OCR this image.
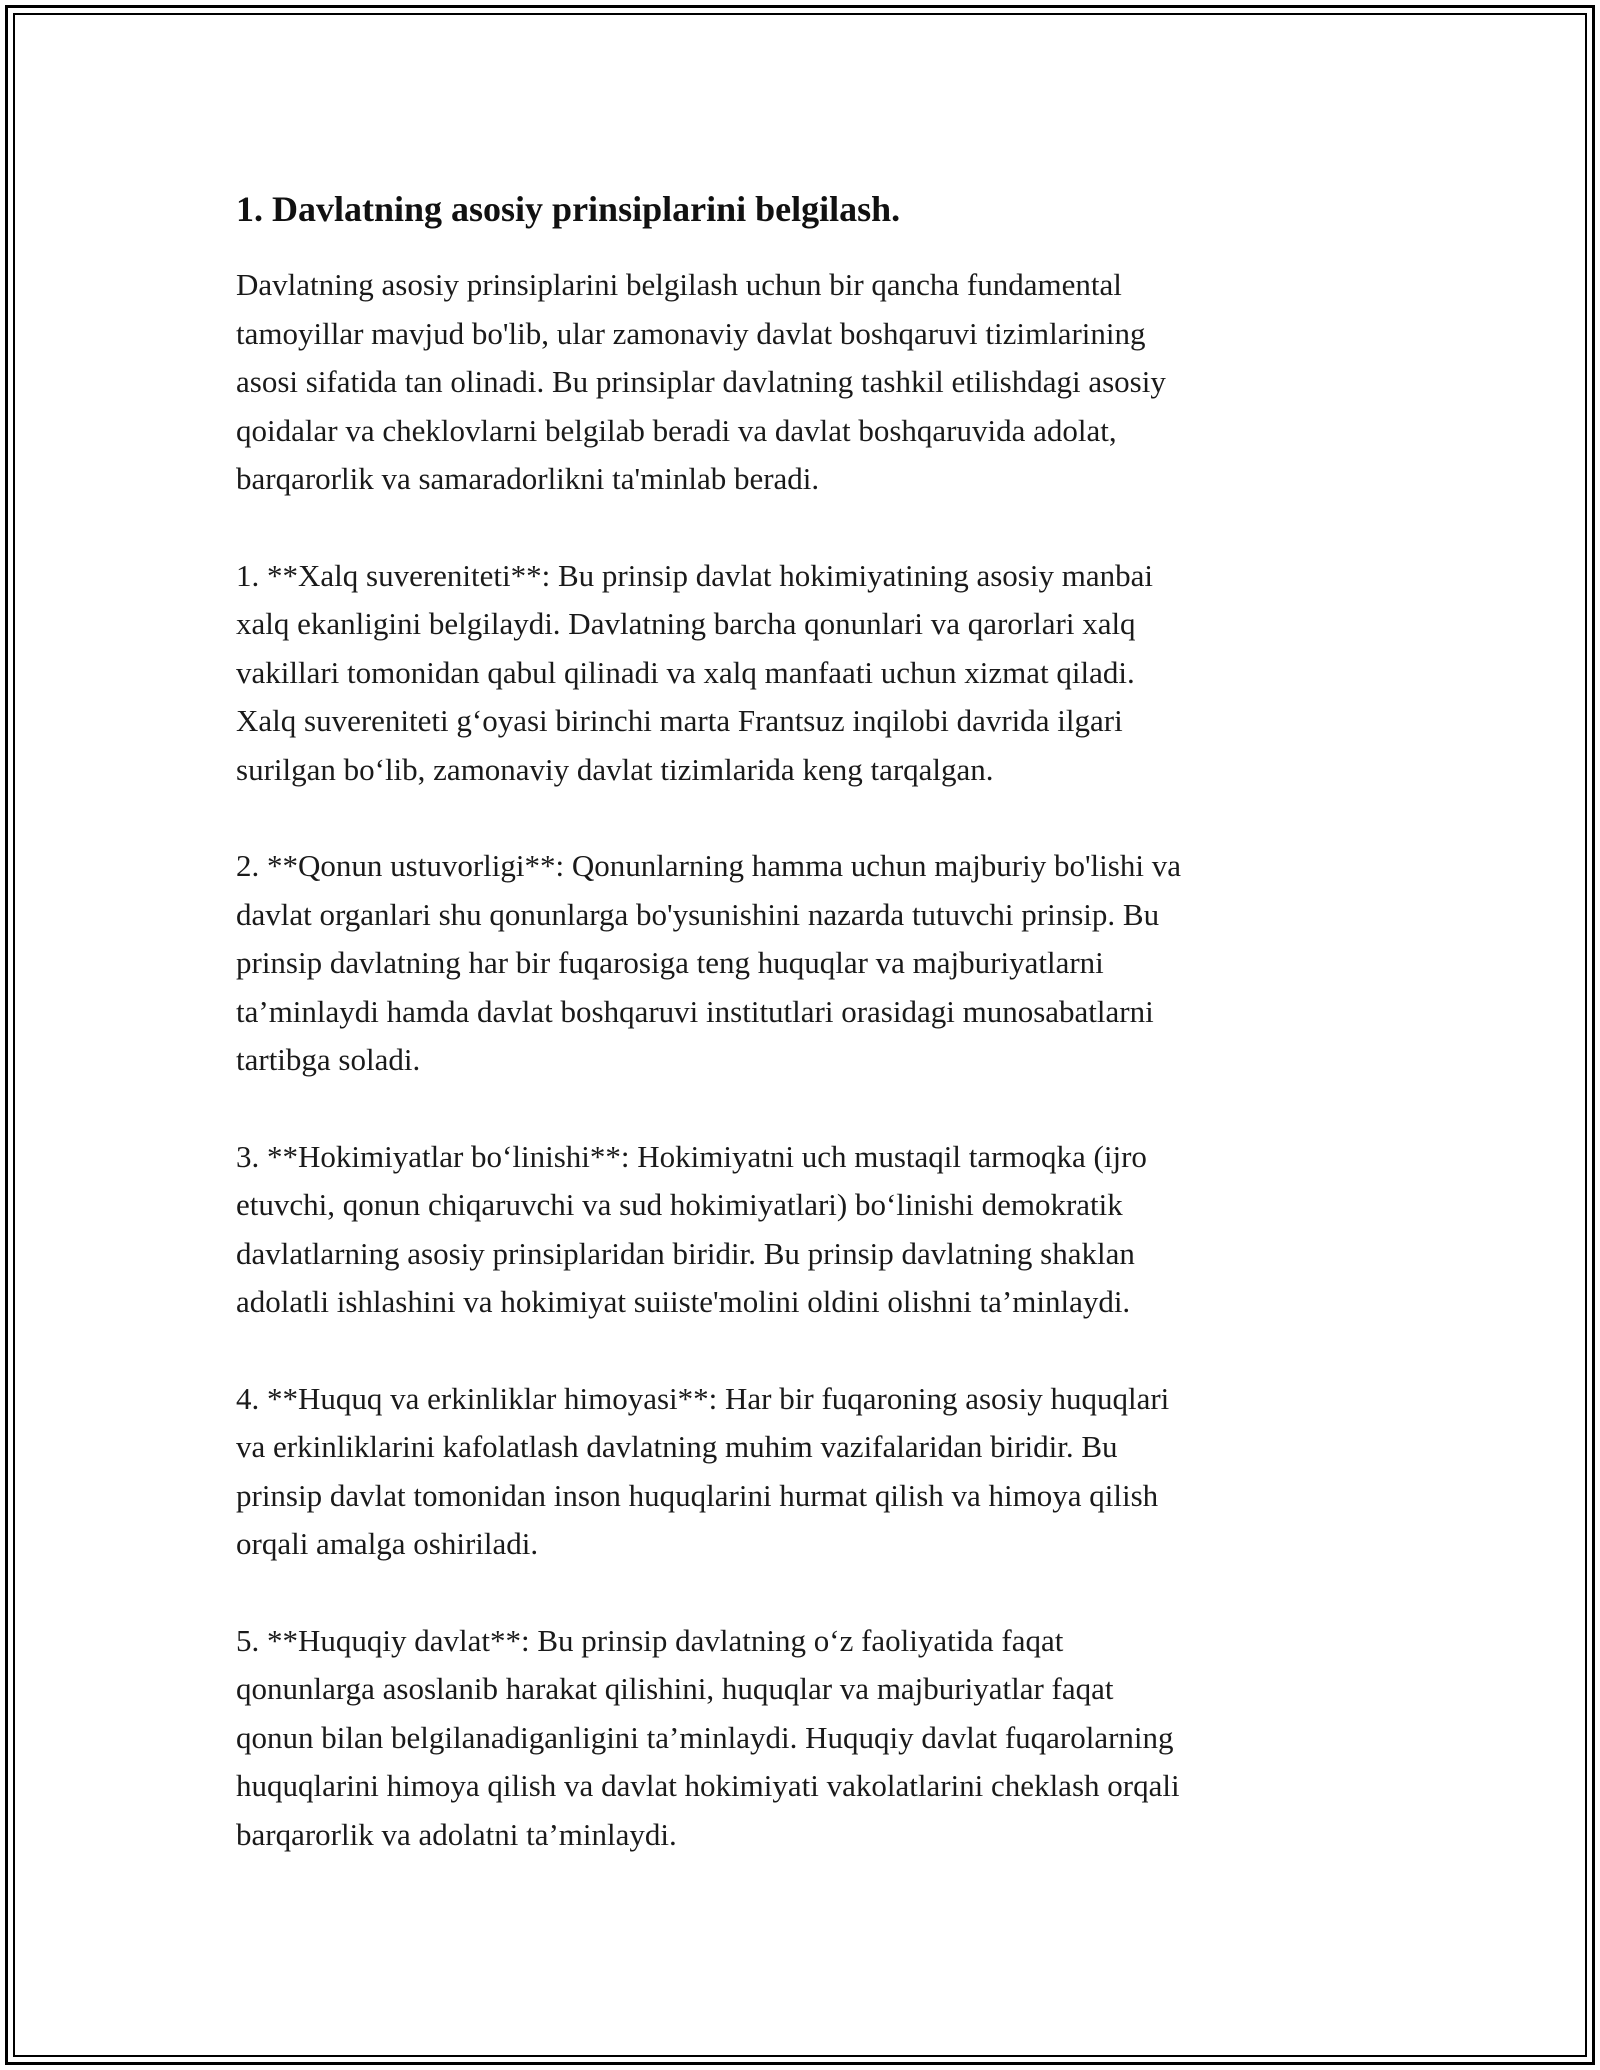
1. Davlatning asosiy prinsiplarini belgilash.

Davlatning asosiy prinsiplarini belgilash uchun bir qancha fundamental
tamoyillar mavjud bo'lib, ular zamonaviy davlat boshqaruvi tizimlarining
asosi sifatida tan olinadi. Bu prinsiplar davlatning tashkil etilishdagi asosiy
qoidalar va cheklovlarni belgilab beradi va davlat boshqaruvida adolat,
barqarorlik va samaradorlikni ta'minlab beradi.

1. **Xalq suvereniteti**: Bu prinsip davlat hokimiyatining asosiy manbai
xalq ekanligini belgilaydi. Davlatning barcha qonunlari va qarorlari xalq
vakillari tomonidan qabul qilinadi va xalq manfaati uchun xizmat qiladi.
Xalq suvereniteti g‘oyasi birinchi marta Frantsuz inqilobi davrida ilgari
surilgan bo‘lib, zamonaviy davlat tizimlarida keng tarqalgan.

2. **Qonun ustuvorligi**: Qonunlarning hamma uchun majburiy bo'lishi va
davlat organlari shu qonunlarga bo'ysunishini nazarda tutuvchi prinsip. Bu
prinsip davlatning har bir fuqarosiga teng huquqlar va majburiyatlarni
ta’minlaydi hamda davlat boshqaruvi institutlari orasidagi munosabatlarni
tartibga soladi.

3. **Hokimiyatlar bo‘linishi**: Hokimiyatni uch mustaqil tarmoqka (ijro
etuvchi, qonun chiqaruvchi va sud hokimiyatlari) bo‘linishi demokratik
davlatlarning asosiy prinsiplaridan biridir. Bu prinsip davlatning shaklan
adolatli ishlashini va hokimiyat suiiste'molini oldini olishni ta’minlaydi.

4. **Huquq va erkinliklar himoyasi**: Har bir fuqaroning asosiy huquqlari
va erkinliklarini kafolatlash davlatning muhim vazifalaridan biridir. Bu
prinsip davlat tomonidan inson huquqlarini hurmat qilish va himoya qilish
orqali amalga oshiriladi.

5. **Huquqiy davlat**: Bu prinsip davlatning o‘z faoliyatida faqat
qonunlarga asoslanib harakat qilishini, huquqlar va majburiyatlar faqat
qonun bilan belgilanadiganligini ta’minlaydi. Huquqiy davlat fuqarolarning
huquqlarini himoya qilish va davlat hokimiyati vakolatlarini cheklash orqali
barqarorlik va adolatni ta’minlaydi.
